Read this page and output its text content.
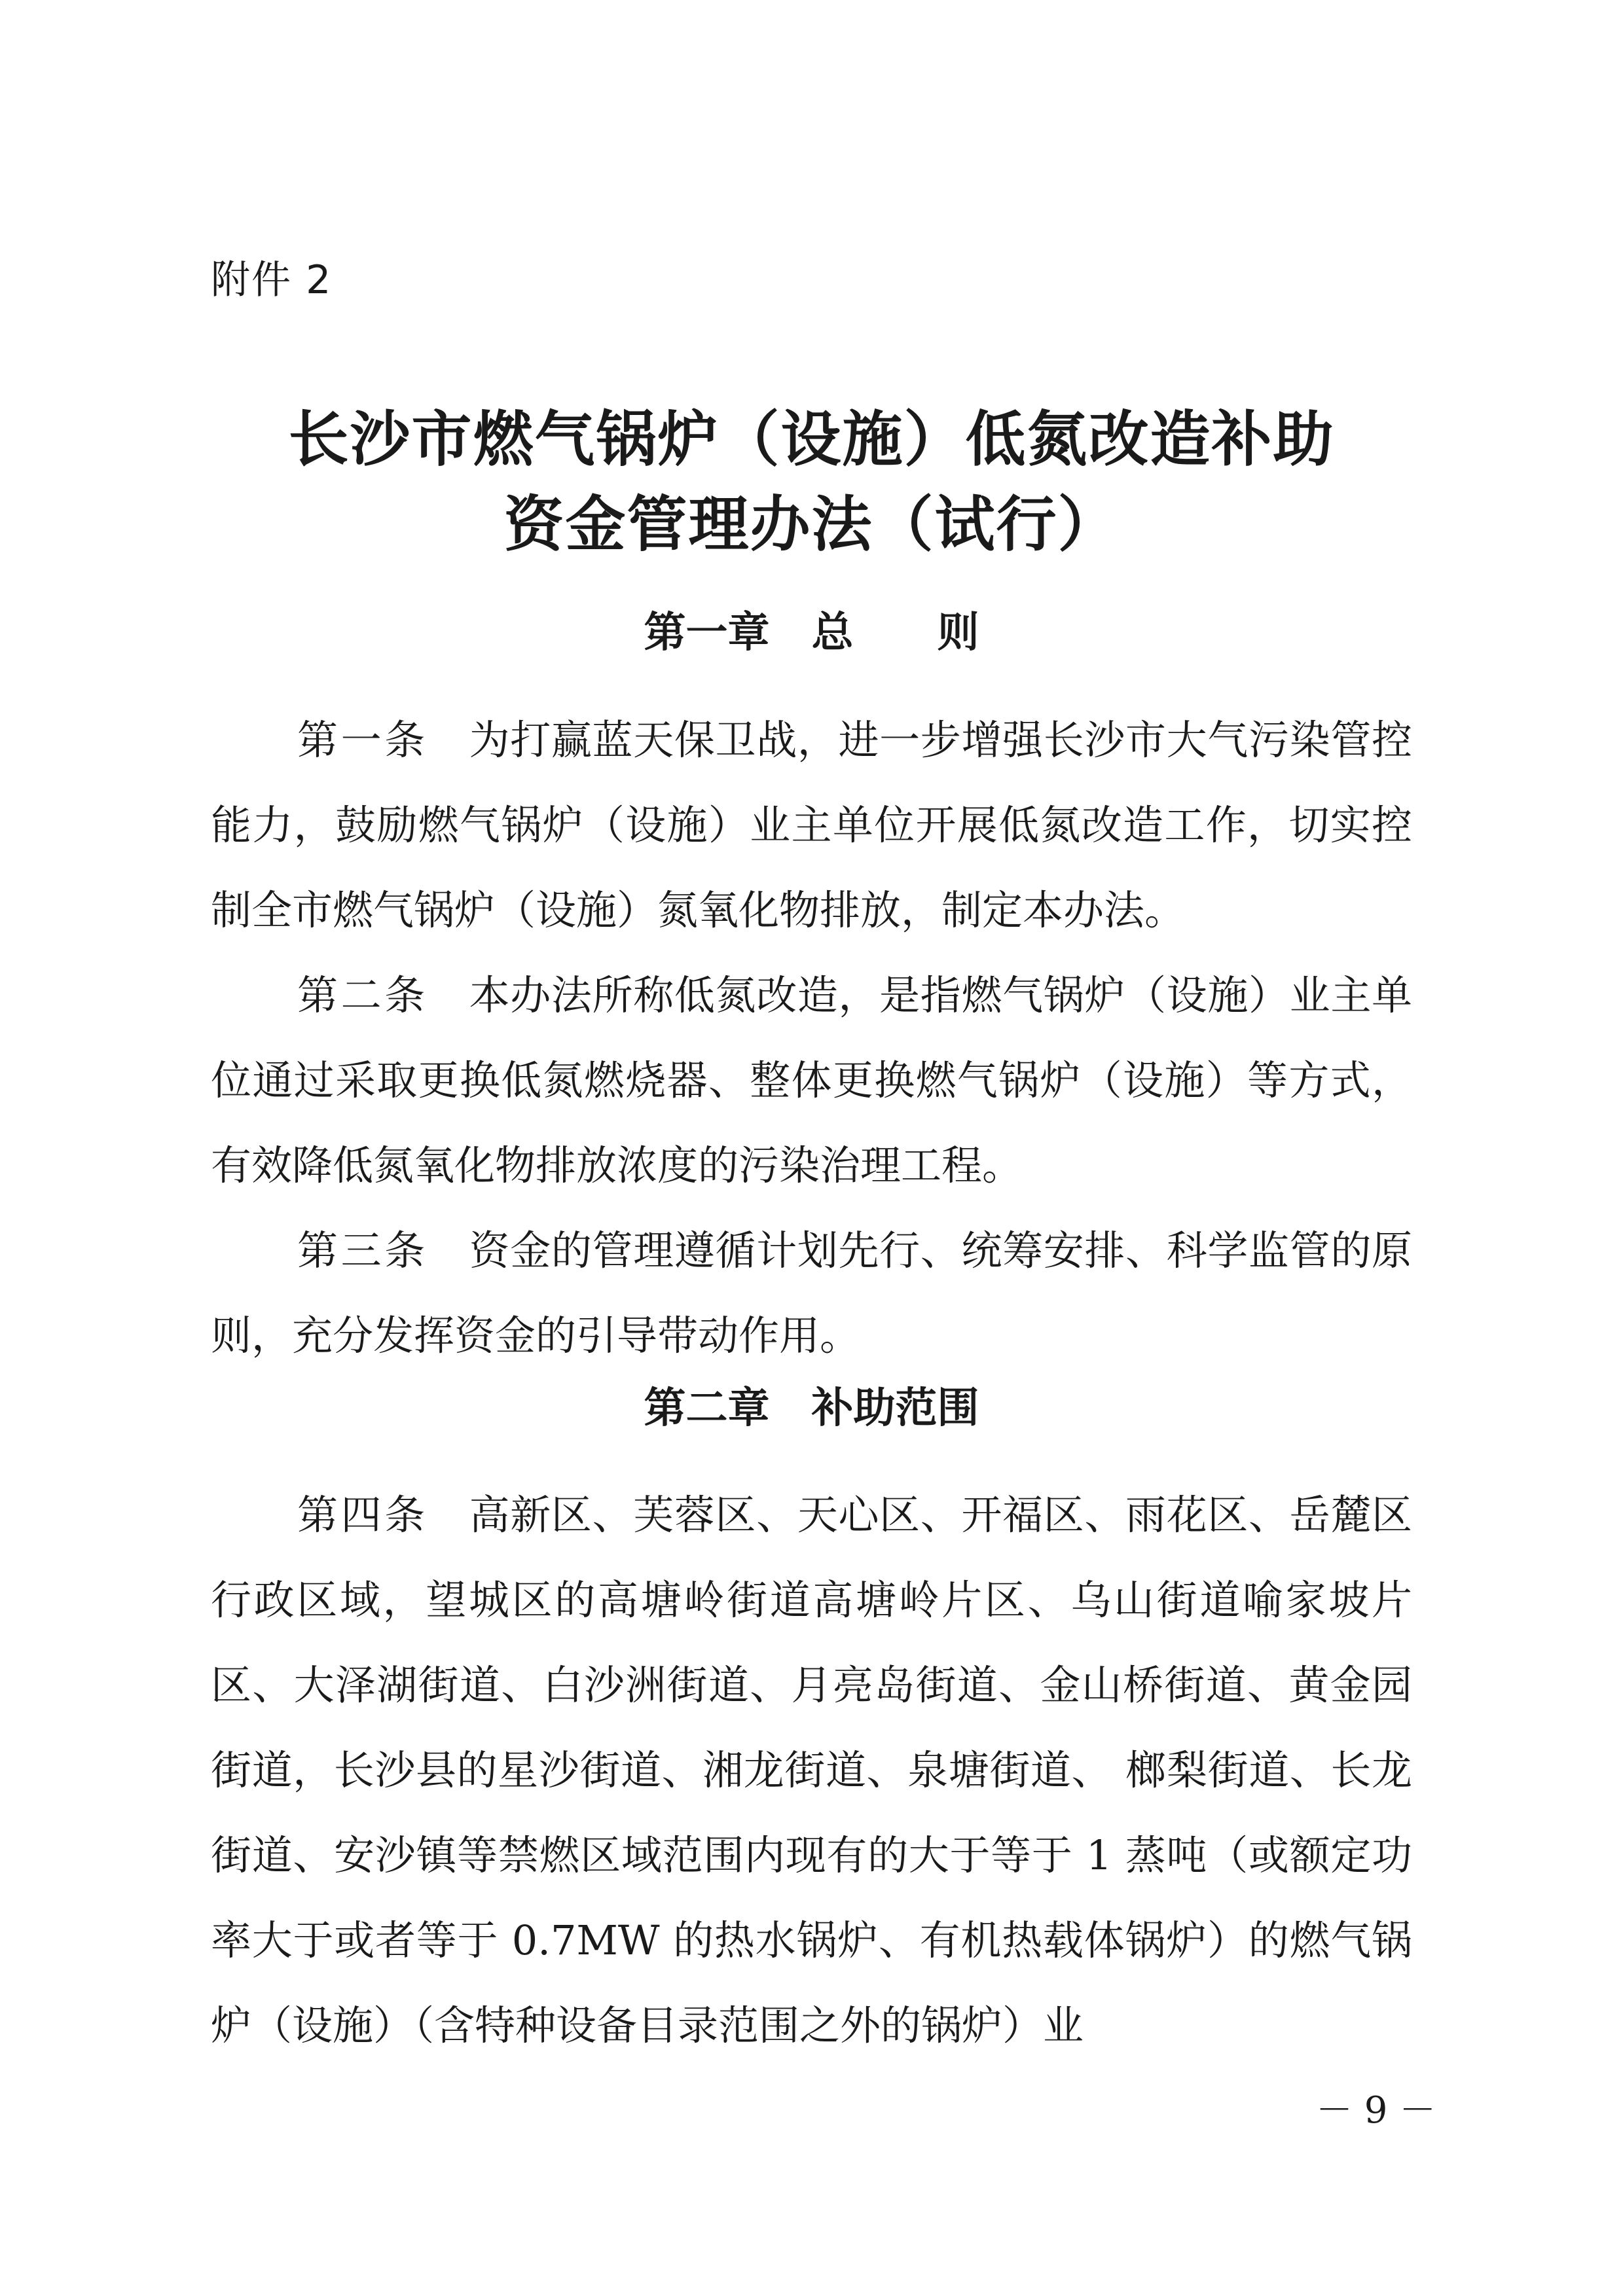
附件 2
长沙市燃气锅炉（设施）低氮改造补助
资金管理办法（试行）
第一章　总　　则
第一条　 为打赢蓝天保卫战，进一步增强长沙市大气污染管控能力，鼓励燃气锅炉（设施）业主单位开展低氮改造工作，切实控制全市燃气锅炉（设施）氮氧化物排放，制定本办法。
第二条　 本办法所称低氮改造，是指燃气锅炉（设施）业主单位通过采取更换低氮燃烧器、整体更换燃气锅炉（设施）等方式，有效降低氮氧化物排放浓度的污染治理工程。
第三条　 资金的管理遵循计划先行、统筹安排、科学监管的原则，充分发挥资金的引导带动作用。
第二章　补助范围
第四条　 高新区、芙蓉区、天心区、开福区、雨花区、岳麓区行政区域，望城区的高塘岭街道高塘岭片区、乌山街道喻家坡片区、大泽湖街道、白沙洲街道、月亮岛街道、金山桥街道、黄金园街道，长沙县的星沙街道、湘龙街道、泉塘街道、 榔梨街道、长龙街道、安沙镇等禁燃区域范围内现有的大于等于 1 蒸吨（或额定功率大于或者等于 0.7MW 的热水锅炉、有机热载体锅炉）的燃气锅炉（设施）（含特种设备目录范围之外的锅炉）业
－ 9 －
